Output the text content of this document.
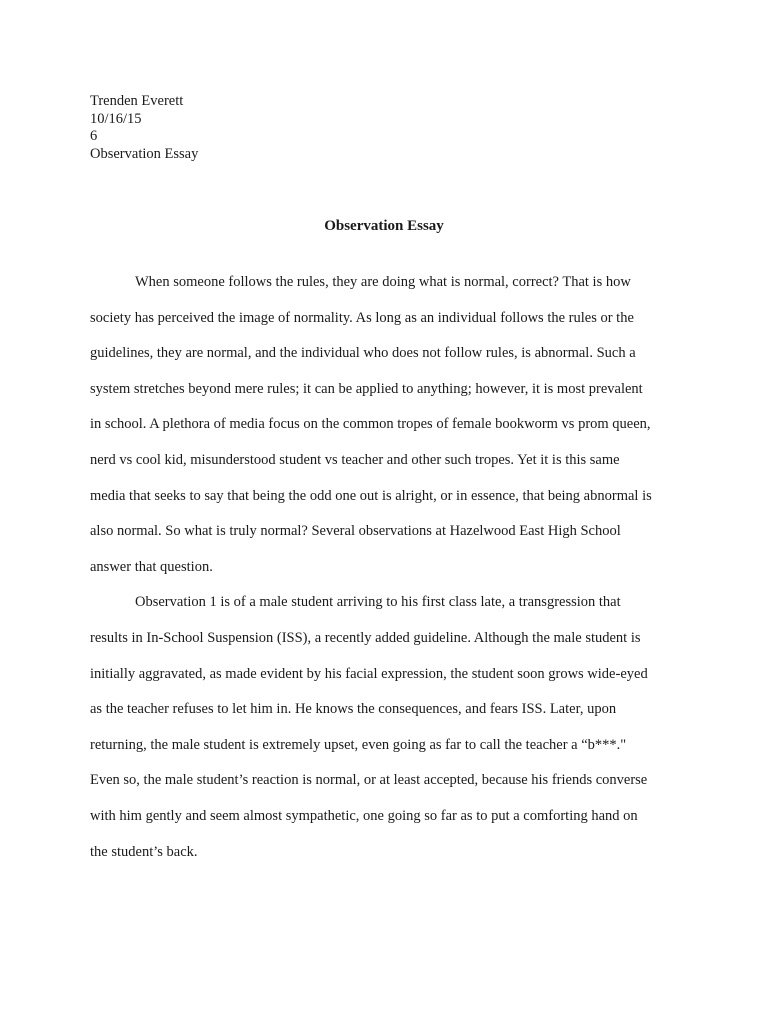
Trenden Everett
10/16/15
6
Observation Essay
Observation Essay
When someone follows the rules, they are doing what is normal, correct? That is how
society has perceived the image of normality. As long as an individual follows the rules or the
guidelines, they are normal, and the individual who does not follow rules, is abnormal. Such a
system stretches beyond mere rules; it can be applied to anything; however, it is most prevalent
in school. A plethora of media focus on the common tropes of female bookworm vs prom queen,
nerd vs cool kid, misunderstood student vs teacher and other such tropes. Yet it is this same
media that seeks to say that being the odd one out is alright, or in essence, that being abnormal is
also normal. So what is truly normal? Several observations at Hazelwood East High School
answer that question.
Observation 1 is of a male student arriving to his first class late, a transgression that
results in In-School Suspension (ISS), a recently added guideline. Although the male student is
initially aggravated, as made evident by his facial expression, the student soon grows wide-eyed
as the teacher refuses to let him in. He knows the consequences, and fears ISS. Later, upon
returning, the male student is extremely upset, even going as far to call the teacher a “b***."
Even so, the male student’s reaction is normal, or at least accepted, because his friends converse
with him gently and seem almost sympathetic, one going so far as to put a comforting hand on
the student’s back.
